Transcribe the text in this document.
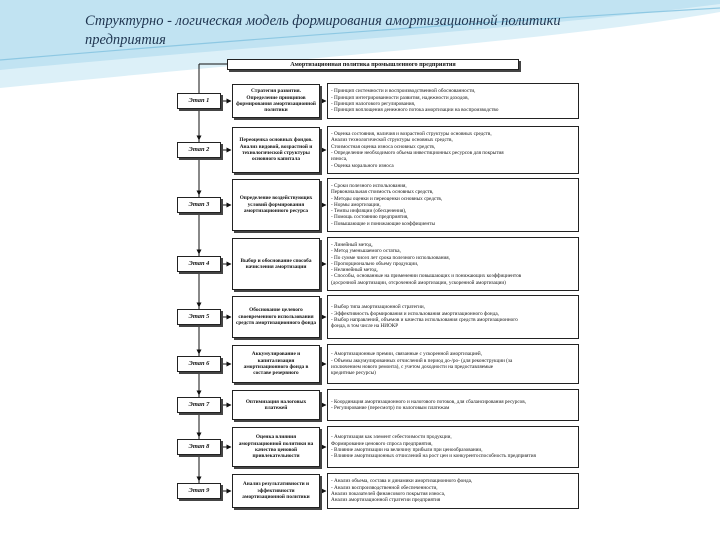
Структурно - логическая модель формирования амортизационной политики
предприятия
Амортизационная политика промышленного предприятия
Этап 1
Стратегия развития. Определение принципов формирования амортизационной политики
- Принцип системности и воспроизводственной обоснованности,
- Принцип интегрированности развития, надежности доходов,
- Принцип налогового регулирования,
- Принцип воплощения денежного потока амортизации на воспроизводство
Этап 2
Переоценка основных фондов. Анализ видовой, возрастной и технологической структуры основного капитала
- Оценка состояния, наличия и возрастной структуры основных средств,
Анализ технологической структуры основных средств,
Стоимостная оценка износа основных средств,
- Определение необходимого объема инвестиционных ресурсов для покрытия
износа,
- Оценка морального износа
Этап 3
Определение воздействующих условий формирования амортизационного ресурса
- Сроки полезного использования,
Первоначальная стоимость основных средств,
- Методы оценки и переоценки основных средств,
- Нормы амортизации,
- Темпы инфляции (обесценения),
- Помощь состоянию предприятия,
- Повышающие и понижающие коэффициенты
Этап 4	Выбор и обоснование способа начисления амортизации
- Линейный метод,
- Метод уменьшаемого остатка,
- По сумме чисел лет срока полезного использования,
- Пропорционально объему продукции,
- Нелинейный метод,
- Способы, основанные на применении повышающих и понижающих коэффициентов
(досрочной амортизации, отсроченной амортизации, ускоренной амортизации)
Этап 5
Обоснование целевого своевременного использования средств амортизационного фонда
- Выбор типа амортизационной стратегии,
- Эффективность формирования и использования амортизационного фонда,
- Выбор направлений, объемов и качества использования средств амортизационного
фонда, в том числе на НИОКР
Этап 6
Аккумулирование и капитализация амортизационного фонда в составе резервного
- Амортизационные премии, связанные с ускоренной амортизацией,
- Объемы аккумулированных отчислений в период до-/ро- (для реконструкции (за
исключением нового ремонта), с учетом доходности на предоставляемые
кредитные ресурсы)
Этап 7	Оптимизация налоговых платежей
- Координация амортизационного и налогового потоков, для сбалансирования ресурсов,
- Регулирование (пересмотр) по налоговым платежам
Этап 8
Оценка влияния амортизационной политики на качество ценовой привлекательности
- Амортизация как элемент себестоимости продукции,
Формирование ценового спроса предприятия,
- Влияние амортизации на величину прибыли при ценообразовании,
- Влияние амортизационных отчислений на рост цен и конкурентоспособность предприятия
Этап 9
Анализ результативности и эффективности амортизационной политики
- Анализ объема, состава и динамики амортизационного фонда,
- Анализ воспроизводственной обеспеченности,
Анализ показателей финансового покрытия износа,
Анализ амортизационной стратегии предприятия
